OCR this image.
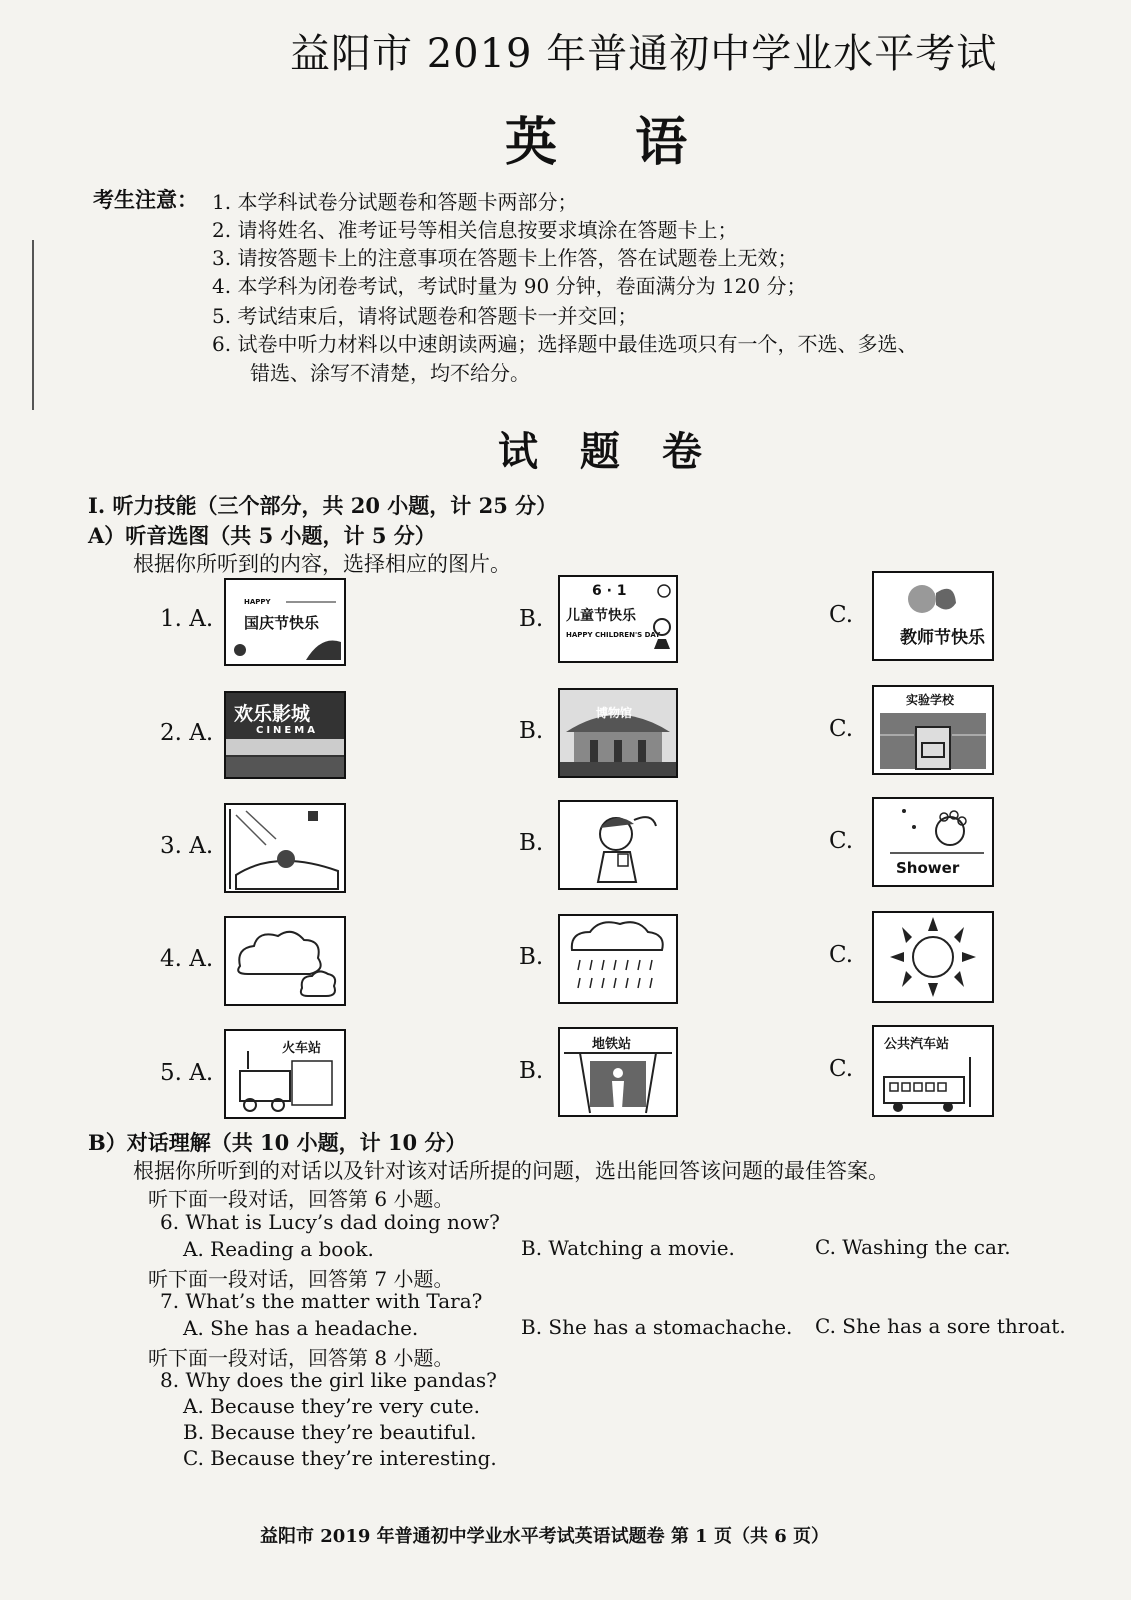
益阳市 2019 年普通初中学业水平考试
英 语
考生注意： 1. 本学科试卷分试题卷和答题卡两部分；
2. 请将姓名、准考证号等相关信息按要求填涂在答题卡上；
3. 请按答题卡上的注意事项在答题卡上作答，答在试题卷上无效；
4. 本学科为闭卷考试，考试时量为 90 分钟，卷面满分为 120 分；
5. 考试结束后，请将试题卷和答题卡一并交回；
6. 试卷中听力材料以中速朗读两遍；选择题中最佳选项只有一个，不选、多选、
错选、涂写不清楚，均不给分。
试 题 卷
I. 听力技能（三个部分，共 20 小题，计 25 分）
A）听音选图（共 5 小题，计 5 分）
根据你所听到的内容，选择相应的图片。
1. A.	B.	C.
2. A.	B.	C.
3. A.	B.	C.
4. A.	B.	C.
5. A.	B.	C.
HAPPY
国庆节快乐
6 · 1
儿童节快乐
HAPPY CHILDREN'S DAY	教师节快乐
欢乐影城
CINEMA
博物馆
实验学校
Shower
火车站	地铁站	公共汽车站
B）对话理解（共 10 小题，计 10 分）
根据你所听到的对话以及针对该对话所提的问题，选出能回答该问题的最佳答案。
听下面一段对话，回答第 6 小题。
6. What is Lucy’s dad doing now?
A. Reading a book.	B. Watching a movie.	C. Washing the car.
听下面一段对话，回答第 7 小题。
7. What’s the matter with Tara?
A. She has a headache.	B. She has a stomachache. C. She has a sore throat.
听下面一段对话，回答第 8 小题。
8. Why does the girl like pandas?
A. Because they’re very cute.
B. Because they’re beautiful.
C. Because they’re interesting.
益阳市 2019 年普通初中学业水平考试英语试题卷 第 1 页（共 6 页）
